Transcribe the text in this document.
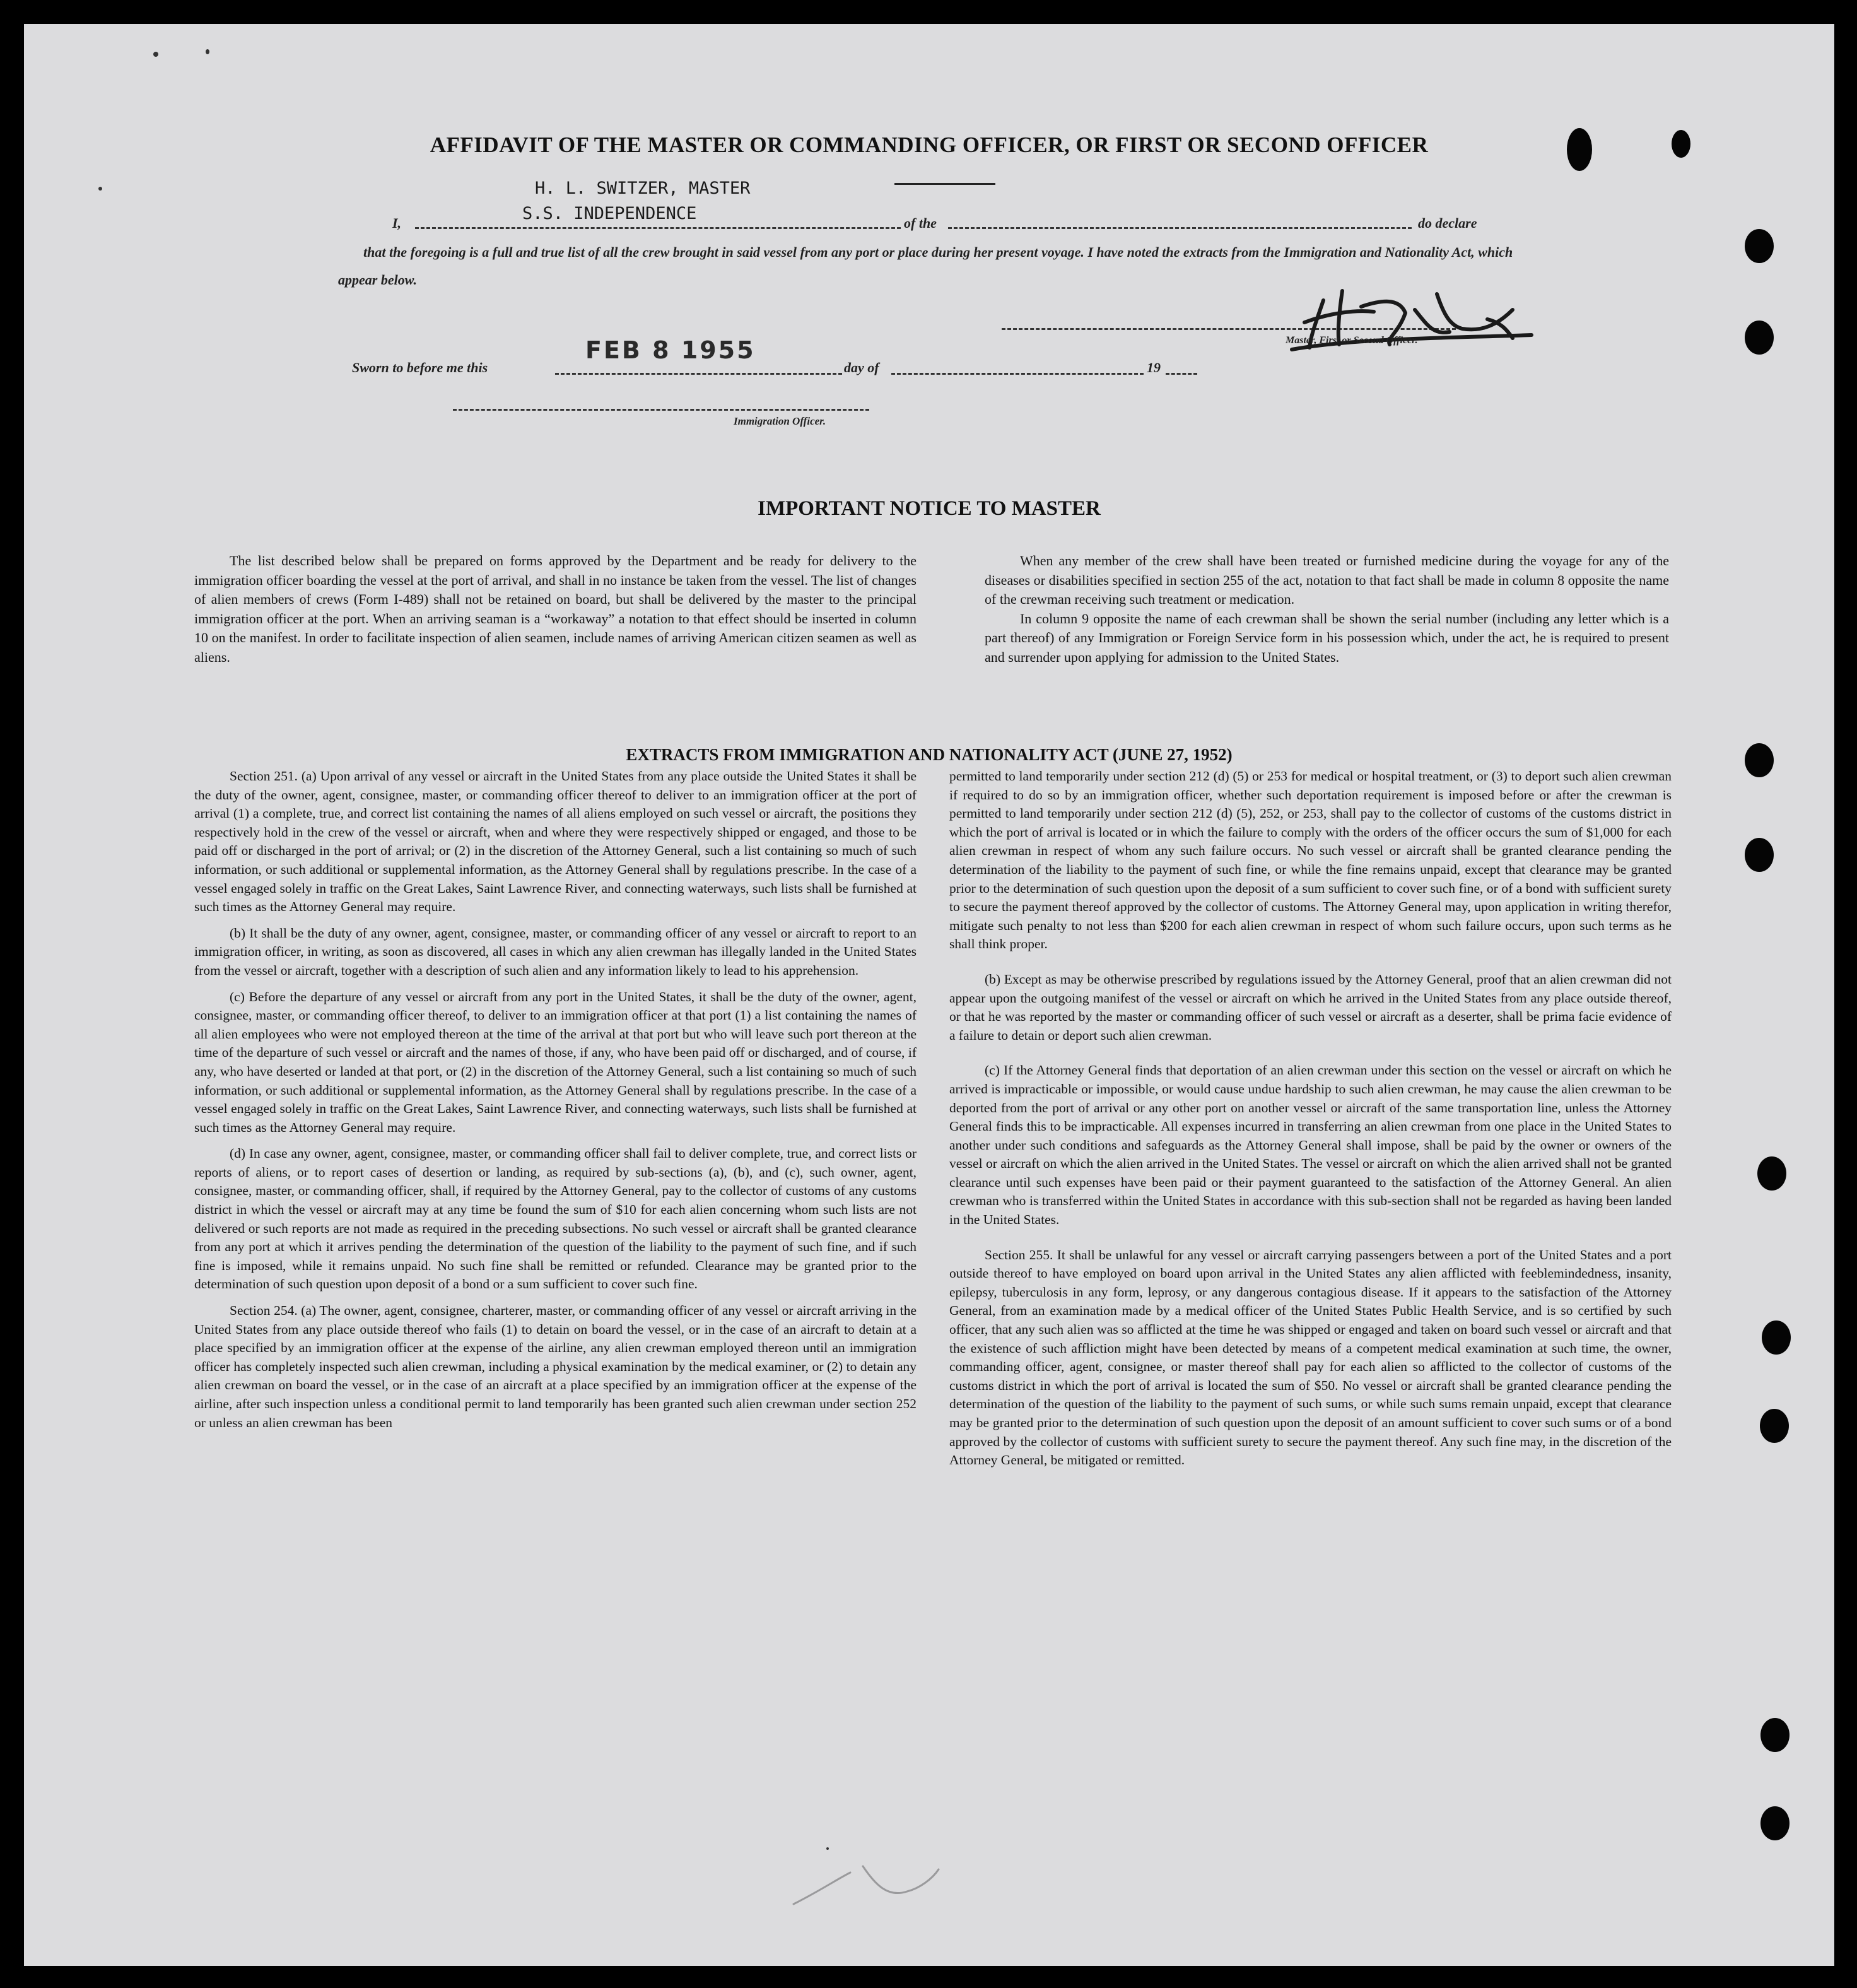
AFFIDAVIT OF THE MASTER OR COMMANDING OFFICER, OR FIRST OR SECOND OFFICER
H. L. SWITZER, MASTER
S.S. INDEPENDENCE
I,	of the	do declare
that the foregoing is a full and true list of all the crew brought in said vessel from any port or place during her present voyage. I have noted the extracts from the Immigration and Nationality Act, which appear below.
Master, First or Second Officer.
FEB 8 1955
Sworn to before me this	day of	19
Immigration Officer.
IMPORTANT NOTICE TO MASTER

The list described below shall be prepared on forms approved by the Department and be ready for delivery to the immigration officer boarding the vessel at the port of arrival, and shall in no instance be taken from the vessel. The list of changes of alien members of crews (Form I-489) shall not be retained on board, but shall be delivered by the master to the principal immigration officer at the port. When an arriving seaman is a “workaway” a notation to that effect should be inserted in column 10 on the manifest. In order to facilitate inspection of alien seamen, include names of arriving American citizen seamen as well as aliens.

When any member of the crew shall have been treated or furnished medicine during the voyage for any of the diseases or disabilities specified in section 255 of the act, notation to that fact shall be made in column 8 opposite the name of the crewman receiving such treatment or medication.

In column 9 opposite the name of each crewman shall be shown the serial number (including any letter which is a part thereof) of any Immigration or Foreign Service form in his possession which, under the act, he is required to present and surrender upon applying for admission to the United States.

EXTRACTS FROM IMMIGRATION AND NATIONALITY ACT (JUNE 27, 1952)

Section 251. (a) Upon arrival of any vessel or aircraft in the United States from any place outside the United States it shall be the duty of the owner, agent, consignee, master, or commanding officer thereof to deliver to an immigration officer at the port of arrival (1) a complete, true, and correct list containing the names of all aliens employed on such vessel or aircraft, the positions they respectively hold in the crew of the vessel or aircraft, when and where they were respectively shipped or engaged, and those to be paid off or discharged in the port of arrival; or (2) in the discretion of the Attorney General, such a list containing so much of such information, or such additional or supplemental information, as the Attorney General shall by regulations prescribe. In the case of a vessel engaged solely in traffic on the Great Lakes, Saint Lawrence River, and connecting waterways, such lists shall be furnished at such times as the Attorney General may require.

(b) It shall be the duty of any owner, agent, consignee, master, or commanding officer of any vessel or aircraft to report to an immigration officer, in writing, as soon as discovered, all cases in which any alien crewman has illegally landed in the United States from the vessel or aircraft, together with a description of such alien and any information likely to lead to his apprehension.

(c) Before the departure of any vessel or aircraft from any port in the United States, it shall be the duty of the owner, agent, consignee, master, or commanding officer thereof, to deliver to an immigration officer at that port (1) a list containing the names of all alien employees who were not employed thereon at the time of the arrival at that port but who will leave such port thereon at the time of the departure of such vessel or aircraft and the names of those, if any, who have been paid off or discharged, and of course, if any, who have deserted or landed at that port, or (2) in the discretion of the Attorney General, such a list containing so much of such information, or such additional or supplemental information, as the Attorney General shall by regulations prescribe. In the case of a vessel engaged solely in traffic on the Great Lakes, Saint Lawrence River, and connecting waterways, such lists shall be furnished at such times as the Attorney General may require.

(d) In case any owner, agent, consignee, master, or commanding officer shall fail to deliver complete, true, and correct lists or reports of aliens, or to report cases of desertion or landing, as required by sub-sections (a), (b), and (c), such owner, agent, consignee, master, or commanding officer, shall, if required by the Attorney General, pay to the collector of customs of any customs district in which the vessel or aircraft may at any time be found the sum of $10 for each alien concerning whom such lists are not delivered or such reports are not made as required in the preceding subsections. No such vessel or aircraft shall be granted clearance from any port at which it arrives pending the determination of the question of the liability to the payment of such fine, and if such fine is imposed, while it remains unpaid. No such fine shall be remitted or refunded. Clearance may be granted prior to the determination of such question upon deposit of a bond or a sum sufficient to cover such fine.

Section 254. (a) The owner, agent, consignee, charterer, master, or commanding officer of any vessel or aircraft arriving in the United States from any place outside thereof who fails (1) to detain on board the vessel, or in the case of an aircraft to detain at a place specified by an immigration officer at the expense of the airline, any alien crewman employed thereon until an immigration officer has completely inspected such alien crewman, including a physical examination by the medical examiner, or (2) to detain any alien crewman on board the vessel, or in the case of an aircraft at a place specified by an immigration officer at the expense of the airline, after such inspection unless a conditional permit to land temporarily has been granted such alien crewman under section 252 or unless an alien crewman has been

permitted to land temporarily under section 212 (d) (5) or 253 for medical or hospital treatment, or (3) to deport such alien crewman if required to do so by an immigration officer, whether such deportation requirement is imposed before or after the crewman is permitted to land temporarily under section 212 (d) (5), 252, or 253, shall pay to the collector of customs of the customs district in which the port of arrival is located or in which the failure to comply with the orders of the officer occurs the sum of $1,000 for each alien crewman in respect of whom any such failure occurs. No such vessel or aircraft shall be granted clearance pending the determination of the liability to the payment of such fine, or while the fine remains unpaid, except that clearance may be granted prior to the determination of such question upon the deposit of a sum sufficient to cover such fine, or of a bond with sufficient surety to secure the payment thereof approved by the collector of customs. The Attorney General may, upon application in writing therefor, mitigate such penalty to not less than $200 for each alien crewman in respect of whom such failure occurs, upon such terms as he shall think proper.

(b) Except as may be otherwise prescribed by regulations issued by the Attorney General, proof that an alien crewman did not appear upon the outgoing manifest of the vessel or aircraft on which he arrived in the United States from any place outside thereof, or that he was reported by the master or commanding officer of such vessel or aircraft as a deserter, shall be prima facie evidence of a failure to detain or deport such alien crewman.

(c) If the Attorney General finds that deportation of an alien crewman under this section on the vessel or aircraft on which he arrived is impracticable or impossible, or would cause undue hardship to such alien crewman, he may cause the alien crewman to be deported from the port of arrival or any other port on another vessel or aircraft of the same transportation line, unless the Attorney General finds this to be impracticable. All expenses incurred in transferring an alien crewman from one place in the United States to another under such conditions and safeguards as the Attorney General shall impose, shall be paid by the owner or owners of the vessel or aircraft on which the alien arrived in the United States. The vessel or aircraft on which the alien arrived shall not be granted clearance until such expenses have been paid or their payment guaranteed to the satisfaction of the Attorney General. An alien crewman who is transferred within the United States in accordance with this sub-section shall not be regarded as having been landed in the United States.

Section 255. It shall be unlawful for any vessel or aircraft carrying passengers between a port of the United States and a port outside thereof to have employed on board upon arrival in the United States any alien afflicted with feeblemindedness, insanity, epilepsy, tuberculosis in any form, leprosy, or any dangerous contagious disease. If it appears to the satisfaction of the Attorney General, from an examination made by a medical officer of the United States Public Health Service, and is so certified by such officer, that any such alien was so afflicted at the time he was shipped or engaged and taken on board such vessel or aircraft and that the existence of such affliction might have been detected by means of a competent medical examination at such time, the owner, commanding officer, agent, consignee, or master thereof shall pay for each alien so afflicted to the collector of customs of the customs district in which the port of arrival is located the sum of $50. No vessel or aircraft shall be granted clearance pending the determination of the question of the liability to the payment of such sums, or while such sums remain unpaid, except that clearance may be granted prior to the determination of such question upon the deposit of an amount sufficient to cover such sums or of a bond approved by the collector of customs with sufficient surety to secure the payment thereof. Any such fine may, in the discretion of the Attorney General, be mitigated or remitted.
